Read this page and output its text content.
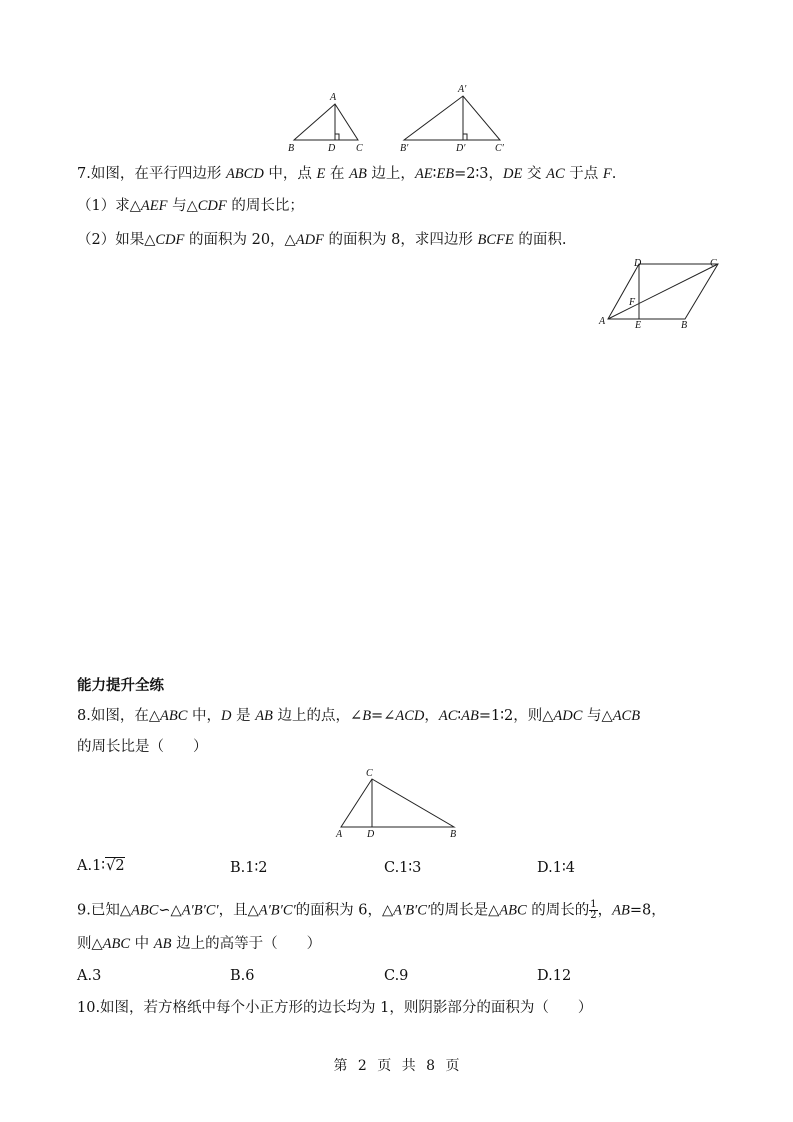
A
B	D C
A′
B′	D′	C′
7.如图，在平行四边形 ABCD 中，点 E 在 AB 边上，AE∶EB=2∶3，DE 交 AC 于点 F.
（1）求△AEF 与△CDF 的周长比；
（2）如果△CDF 的面积为 20，△ADF 的面积为 8，求四边形 BCFE 的面积.
D	C
F
A	E	B
能力提升全练
8.如图，在△ABC 中，D 是 AB 边上的点，∠B=∠ACD，AC∶AB=1∶2，则△ADC 与△ACB
的周长比是（　　）
C
A D	B
A.1∶√2	B.1∶2	C.1∶3	D.1∶4
9.已知△ABC∽△A′B′C′，且△A′B′C′的面积为 6，△A′B′C′的周长是△ABC 的周长的 $\frac{1}{2}$ ，AB=8，
则△ABC 中 AB 边上的高等于（　　）
A.3	B.6	C.9	D.12
10.如图，若方格纸中每个小正方形的边长均为 1，则阴影部分的面积为（　　）
第 2 页 共 8 页
